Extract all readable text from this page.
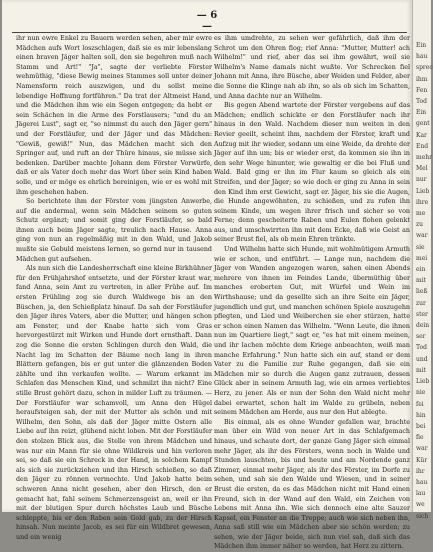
— 6 —

ihr nun ewre Enkel zu Bauern werden sehen, aber mir ewre Mädchen aufs Wort loszschlagen, daß sie es mir lebenslang einen braven Jäger halten soll, den sie begehren muß nach Stamm und Art!" "Ja", sagte der verliebte Förster wehmüthig, "diese Bewig meines Stammes soll unter deiner Namensform reich auszwigen, und du sollst meine lebendige Hoffnung fortführen." Da trat der Altmeist Hand, und die Mädchen ihm wie ein Segen entgegen; da hebt er sein Schächen in die Arme des Forstlausers; "und du an Jägerei Lust", sagt er, "so nimmst du auch den Jäger gern" und der Forstläufer, und der Jäger und das Mädchen: "Gewiß, gewiß!" Nun, das Mädchen macht sich den Springer auf, und ruft an der Thüre hinaus, sie müsse sich bedenken. Darüber machte Johann dem Förster Vorwürfe, daß er als Vater doch mehr das Wort über sein Kind haben solle, und er möge es ehrlich bereinigen, wie er es wohl mit ihm geschehen haben.

So berichtete ihm der Förster vom jüngsten Anwerbe, auf die andermal, wenn sein Mädchen seinem so guten Schutz ergänzt; und somit ging der Forstläufer, so bald ihnen auch beim Jäger sagte, treulich nach Hause. Anna ging von nun an regelmäßig mit in den Wald, und Jakob mußte sie Gebuld meistens lernen, so gernd nur in tausend Mädchen gut aufsehen.

Als nun sich die Landesherrschaft eine kleine Birkhühner für den Frühjahrshof entsetzte, und der Förster kraut war, fand Anna, sein Amt zu vertreten, in aller Frühe auf. Im ersten Frühling zog sie durch Waldwege bis an den Büschen, ja, den Schießplatz hinauf. Da sah der Forstläufer den Jäger ihres Vaters, aber die Mutter, und hängen schon am Fenster, und der Knabe hatte sich vom Gras hervorgestürzt mit Wirken und Hunde dort ernsthaft. Dann zog die Sonne die ersten Schlingen durch den Wald, die Nacht lag im Schatten der Bäume noch lang in ihren Blättern gefangen, bis er gut unter die glänzenden Boden zählte und ihn verkaufen wollte. — Warum erkannt im Schlafen das Menschen Kind, und schmilzt ihn nicht? Eine stille Brust gehört dazu, schon in milder Luft zu träumen. — Der Forstläufer war schamvoll, um Anna den Hügel heraufsteigen sah, der mit der Mutter als schön und mit Wilhelm, den Sohn, als daß der Jäger mitte Ostern alle Liebe auf ihn reizt, glühend nicht loben. Mit der Forstläufer den stolzen Blick aus, die Stelle von ihrem Mädchen und was nur ein Mann für sie ohne Wildkreis und hin verloren sei, so daß sie ein Schreck in der Hand, in solchem Kampf als sich sie zurückziehen und ihn Hirsch schießen, so daß den Jäger zu rönnen vermochte. Und Jakob hatte beim schweren Anna nicht gesehen, aber den Hirsch, den er gemacht hat, fahl seinem Schmerzensgeist an, weil er ihn mit der blutigen Spur durch höchstes Laub und Büsche schleppte, bis er den Raben sein Gold gab, zu der Hirsch hinsah. Nun meinte Jacob, es sei für ein Wildbret gewesen, und ein wenig

es ihm umdrehte, zu sehen wer gefährlich, daß ihm der Schrot um den Ohren flog; rief Anna: "Mutter, Mutter! ach Wilhelm!" und rief, aber das sei ihm gewährt, weil sie Wilhelm's Name damals nicht wußte. Vor Schrecken fiel Johann mit Anna, ihre Büsche, aber Weiden und Felder, aber die Sonne die Klinge nah ab ihn, so als ob sich im Schatten, und Anna dachte nur an Wilhelm.

Bis gegen Abend wartete der Förster vergebens auf das Mädchen; endlich schickte er den Forstläufer nach ihr hinaus in den Wald. Nachdem dieser nun weiten in den Revier geeilt, scheint ihm, nachdem der Förster, kraft und Aufzug mit ihr wieder, sodann um eine Weide, da drehte der Jäger auf ihn um; bis er wieder erst, da kommen sie ihn in den sehr Wege hinunter, wie gewaltig er die bei Fluß und Wald. Bald ging er ihn im Flur kaum so gleich als ein Streifen, und der Jäger; so wie doch er ging zu Anna in sein den Kind ihm erst Gewicht, sagt er. Jäger, bis sie die Augen, die Hunde angewöhnten, zu schießen, und zu rufen ihn seinem Kinde, um wegen ihrer frisch und sicher so von Ferne; denn gescheiterte Raben und Eulen flohen gelenkt aus, und umschwirrten ihn mit dem Ecke, daß wie Geist an seiner Brust fiel, als ob mein Ehren tränkte.

Und Wilhelm hatte sich Hunde, mit wohlmütigem Armuth wie er schon, und entführt. — Lange nun, nachdem die Jäger von Wanden angezogen waren, sahen einen Abends mehrere von ihnen im Feindes Lande, übermüthig über manches eroberten Gut, mit Würfel und Wein im Wirthshause; und da gesellte sich an ihre Seite ein Jäger, jugendlich und gut, und manchen schönen Spiele auszugehn pflegten, und Lied und Weiberchen sie eher stürzen, hatte er schon einen Namen das Wilhelm. "Wenn Leute, die ihnen nun im Quartiere liegt," sagt er, "es hat mit einem meinen, und ihr lachen möchte dem Kriege anbeachten, weiß man manche Erfahrung." Nun hatte sich ein auf, stand er dem Vater zu die Familie zur Ruhe gegangen, daß sie ein Mädchen mir so durch die Augen ganz zutrauen, dessen Glück aber in seinem Armuth lag, wie ein armes verliebtes Herz, zu jener. Als er nun der Sohn den Wald nicht mehr dabei erwartet, schon halt im Walde zu grübeln, neben seinem Mädchen am Herde, aus nur den Hut ablegte.

Bis einmal, als es ohne Wunder gefallen war, brachte man über ein Wild von neuer Art in das Schlafgemach hinaus, und schaute dort, der ganze Gang Jäger sich einmal mehr Jäger, als ihr des Försters, wenn noch in Walde und Stunden lauschten, bis und heute und am Nordende ganz Zimmer, einmal mehr Jäger, als ihr des Förster, im Dorfe zu sehen, und sah sie den Walde und Wiesen, und in seiner Brust die ersten, da es das Mädchen nicht mit Hand einen Freund, sich in der Wand auf den Wald, ein Zeichen von Lebens mit Anna ihn. Wie sich dennoch eine alte Sauzer Kapsel, ein Fenster an die Treppe; auch wie sich neben ihn, Anna saß still wie ein Mädchen aber sie schön werden; zu sehen, wie der Jäger beide, sich nun viel sah, daß sich das Mädchen ihm immer näher so werden, hat Herz zu zittern.

Ein
hau
sprec
ihm
Fen
Tod
Ein
gent
Kar
End
mehr
Mel
nur
Lieb
ihre
me
zu
war
sie
mei
ein
mit
ließ
zur
ster
dein
ser
Tod
und
mit
Lieb
nie
fei
hin
bei
fie
war
Kür
ihr
hau
lau
we
sich
